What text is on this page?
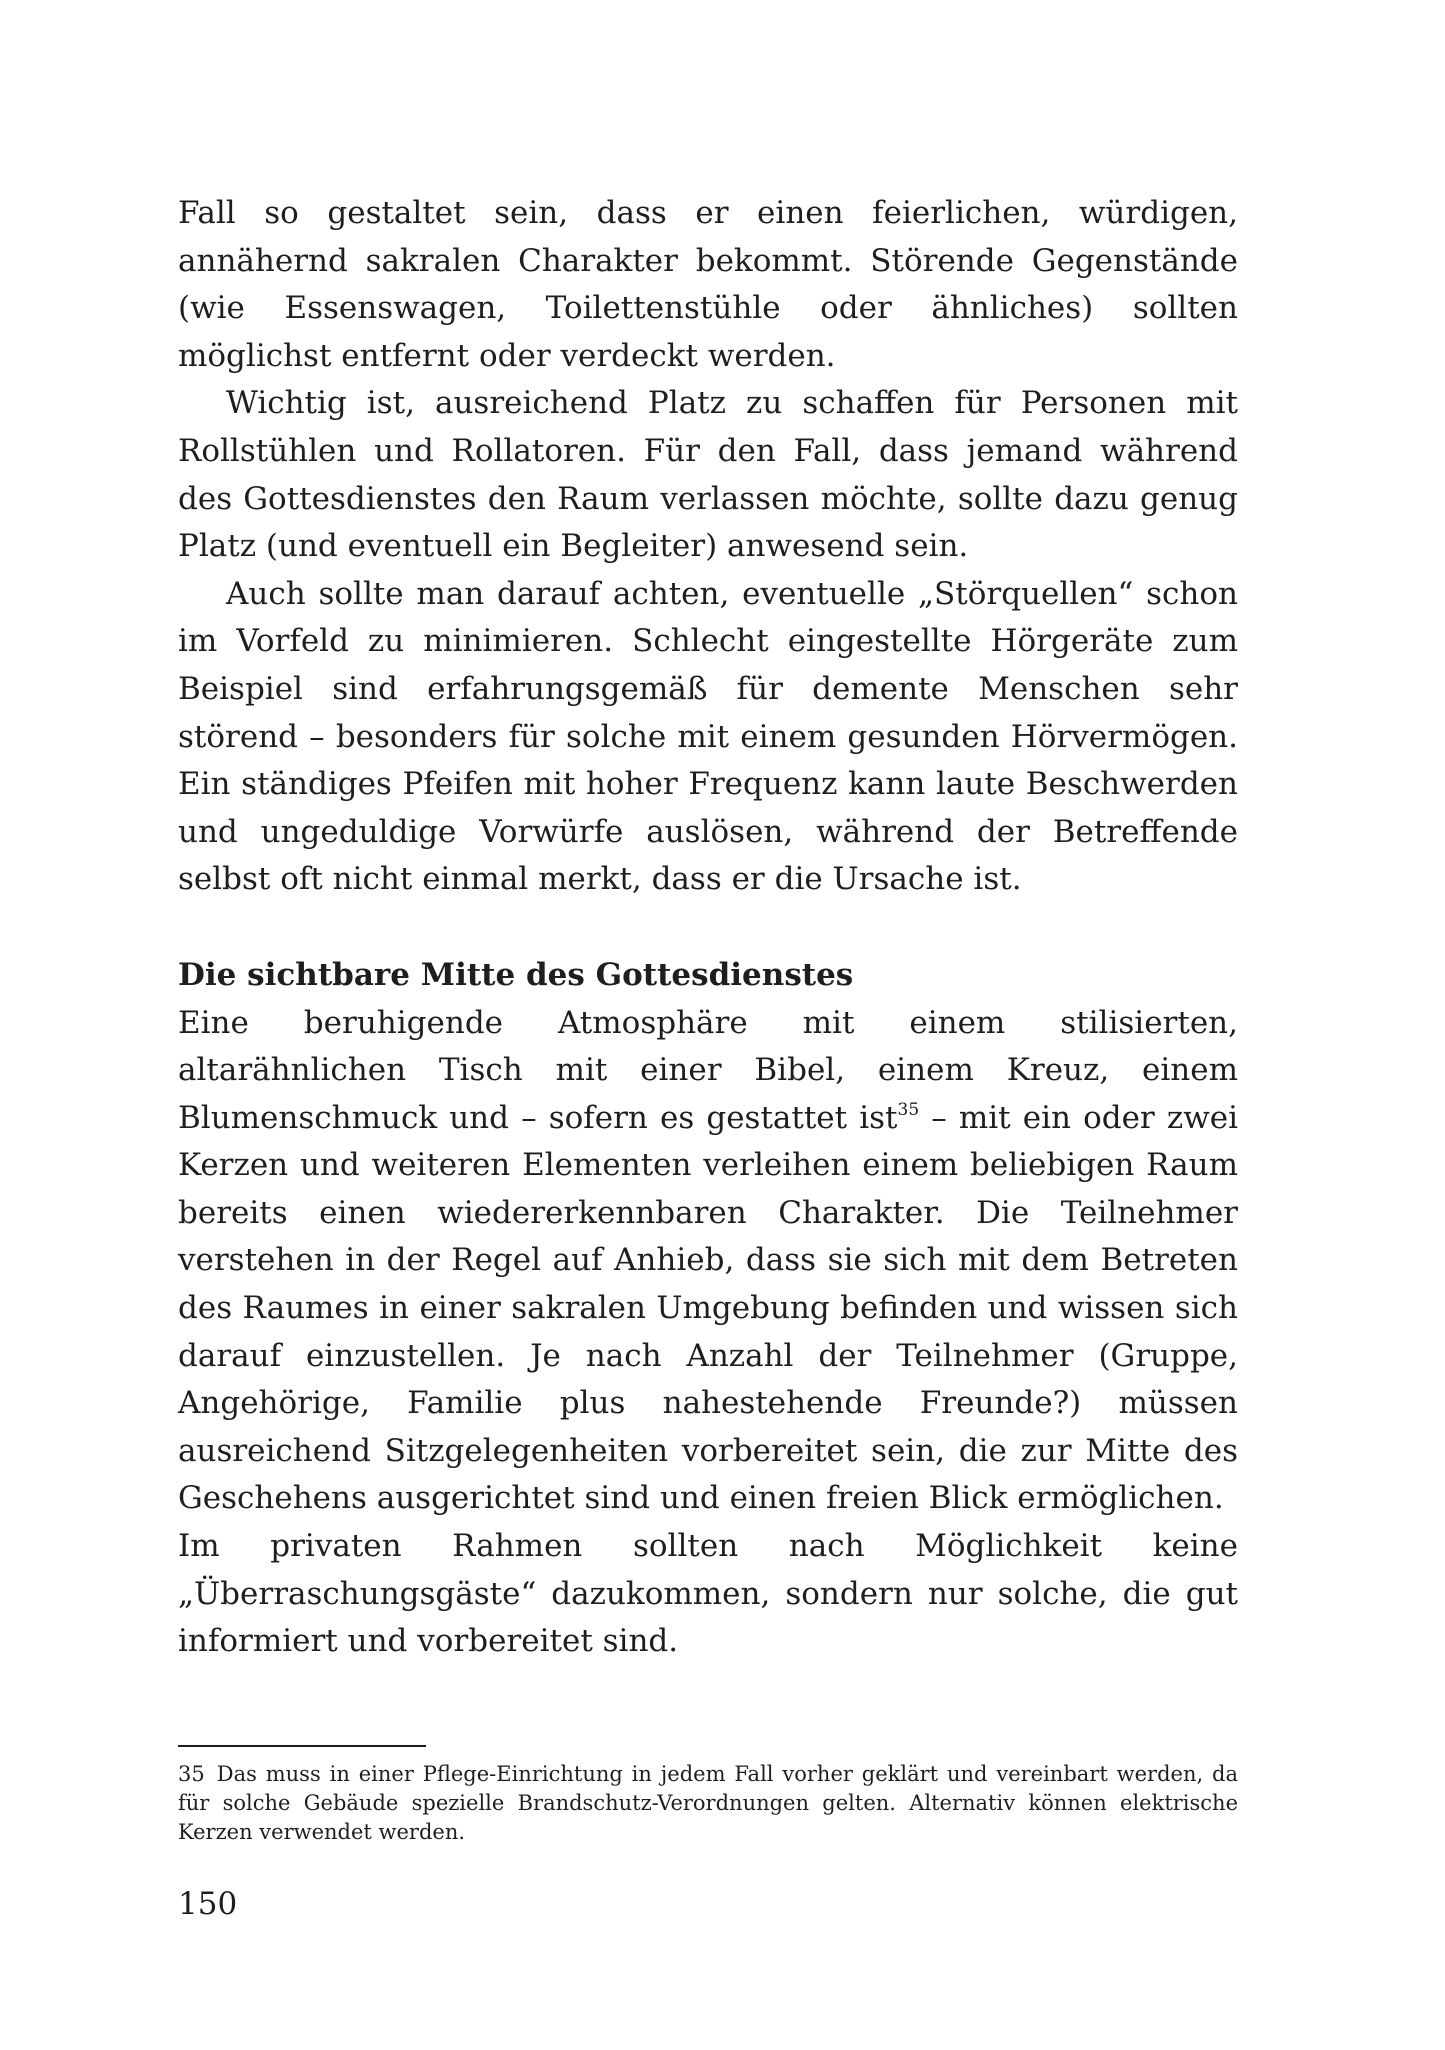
Fall so gestaltet sein, dass er einen feierlichen, würdigen, annähernd sakralen Charakter bekommt. Störende Gegenstände (wie Essenswagen, Toilettenstühle oder ähnliches) sollten möglichst entfernt oder verdeckt werden.

Wichtig ist, ausreichend Platz zu schaffen für Personen mit Rollstühlen und Rollatoren. Für den Fall, dass jemand während des Gottesdienstes den Raum verlassen möchte, sollte dazu genug Platz (und eventuell ein Begleiter) anwesend sein.

Auch sollte man darauf achten, eventuelle „Störquellen“ schon im Vorfeld zu minimieren. Schlecht eingestellte Hörgeräte zum Beispiel sind erfahrungsgemäß für demente Menschen sehr störend – besonders für solche mit einem gesunden Hörvermögen. Ein ständiges Pfeifen mit hoher Frequenz kann laute Beschwerden und ungeduldige Vorwürfe auslösen, während der Betreffende selbst oft nicht einmal merkt, dass er die Ursache ist.

Die sichtbare Mitte des Gottesdienstes

Eine beruhigende Atmosphäre mit einem stilisierten, altarähnlichen Tisch mit einer Bibel, einem Kreuz, einem Blumenschmuck und – sofern es gestattet ist$^{35}$ – mit ein oder zwei Kerzen und weiteren Elementen verleihen einem beliebigen Raum bereits einen wiedererkennbaren Charakter. Die Teilnehmer verstehen in der Regel auf Anhieb, dass sie sich mit dem Betreten des Raumes in einer sakralen Umgebung befinden und wissen sich darauf einzustellen. Je nach Anzahl der Teilnehmer (Gruppe, Angehörige, Familie plus nahestehende Freunde?) müssen ausreichend Sitzgelegenheiten vorbereitet sein, die zur Mitte des Geschehens ausgerichtet sind und einen freien Blick ermöglichen.

Im privaten Rahmen sollten nach Möglichkeit keine „Überraschungsgäste“ dazukommen, sondern nur solche, die gut informiert und vorbereitet sind.

35 Das muss in einer Pflege-Einrichtung in jedem Fall vorher geklärt und vereinbart werden, da für solche Gebäude spezielle Brandschutz-Verordnungen gelten. Alternativ können elektrische Kerzen verwendet werden.

150
